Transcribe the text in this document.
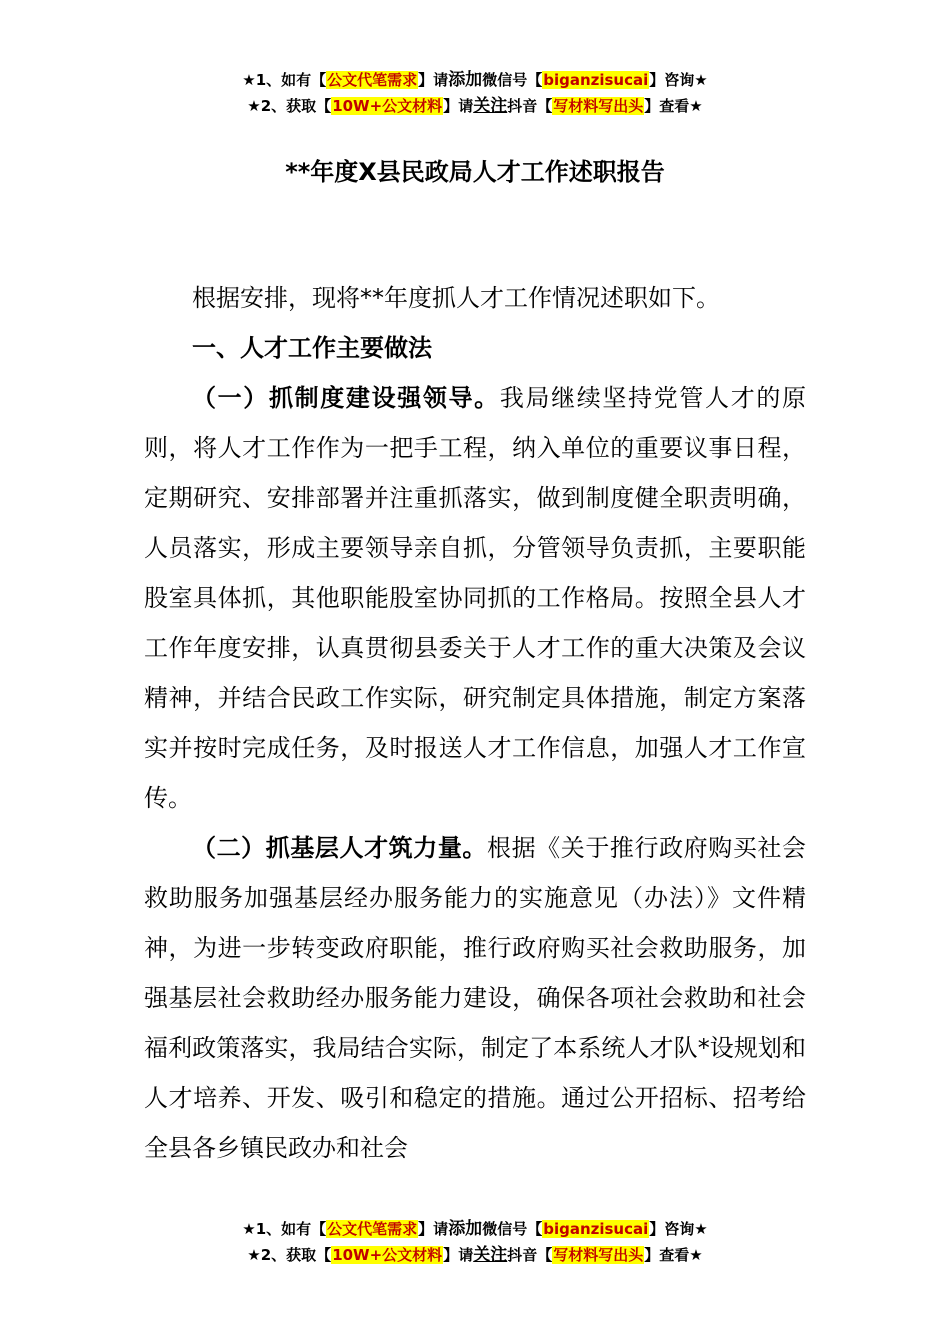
★1、如有【公文代笔需求】请添加微信号【biganzisucai】咨询★
★2、获取【10W+公文材料】请关注抖音【写材料写出头】查看★
**年度X县民政局人才工作述职报告

根据安排，现将**年度抓人才工作情况述职如下。

一、人才工作主要做法

（一）抓制度建设强领导。我局继续坚持党管人才的原则，将人才工作作为一把手工程，纳入单位的重要议事日程，定期研究、安排部署并注重抓落实，做到制度健全职责明确，人员落实，形成主要领导亲自抓，分管领导负责抓，主要职能股室具体抓，其他职能股室协同抓的工作格局。按照全县人才工作年度安排，认真贯彻县委关于人才工作的重大决策及会议精神，并结合民政工作实际，研究制定具体措施，制定方案落实并按时完成任务，及时报送人才工作信息，加强人才工作宣传。

（二）抓基层人才筑力量。根据《关于推行政府购买社会救助服务加强基层经办服务能力的实施意见（办法）》文件精神，为进一步转变政府职能，推行政府购买社会救助服务，加强基层社会救助经办服务能力建设，确保各项社会救助和社会福利政策落实，我局结合实际，制定了本系统人才队*设规划和人才培养、开发、吸引和稳定的措施。通过公开招标、招考给全县各乡镇民政办和社会

★1、如有【公文代笔需求】请添加微信号【biganzisucai】咨询★
★2、获取【10W+公文材料】请关注抖音【写材料写出头】查看★
